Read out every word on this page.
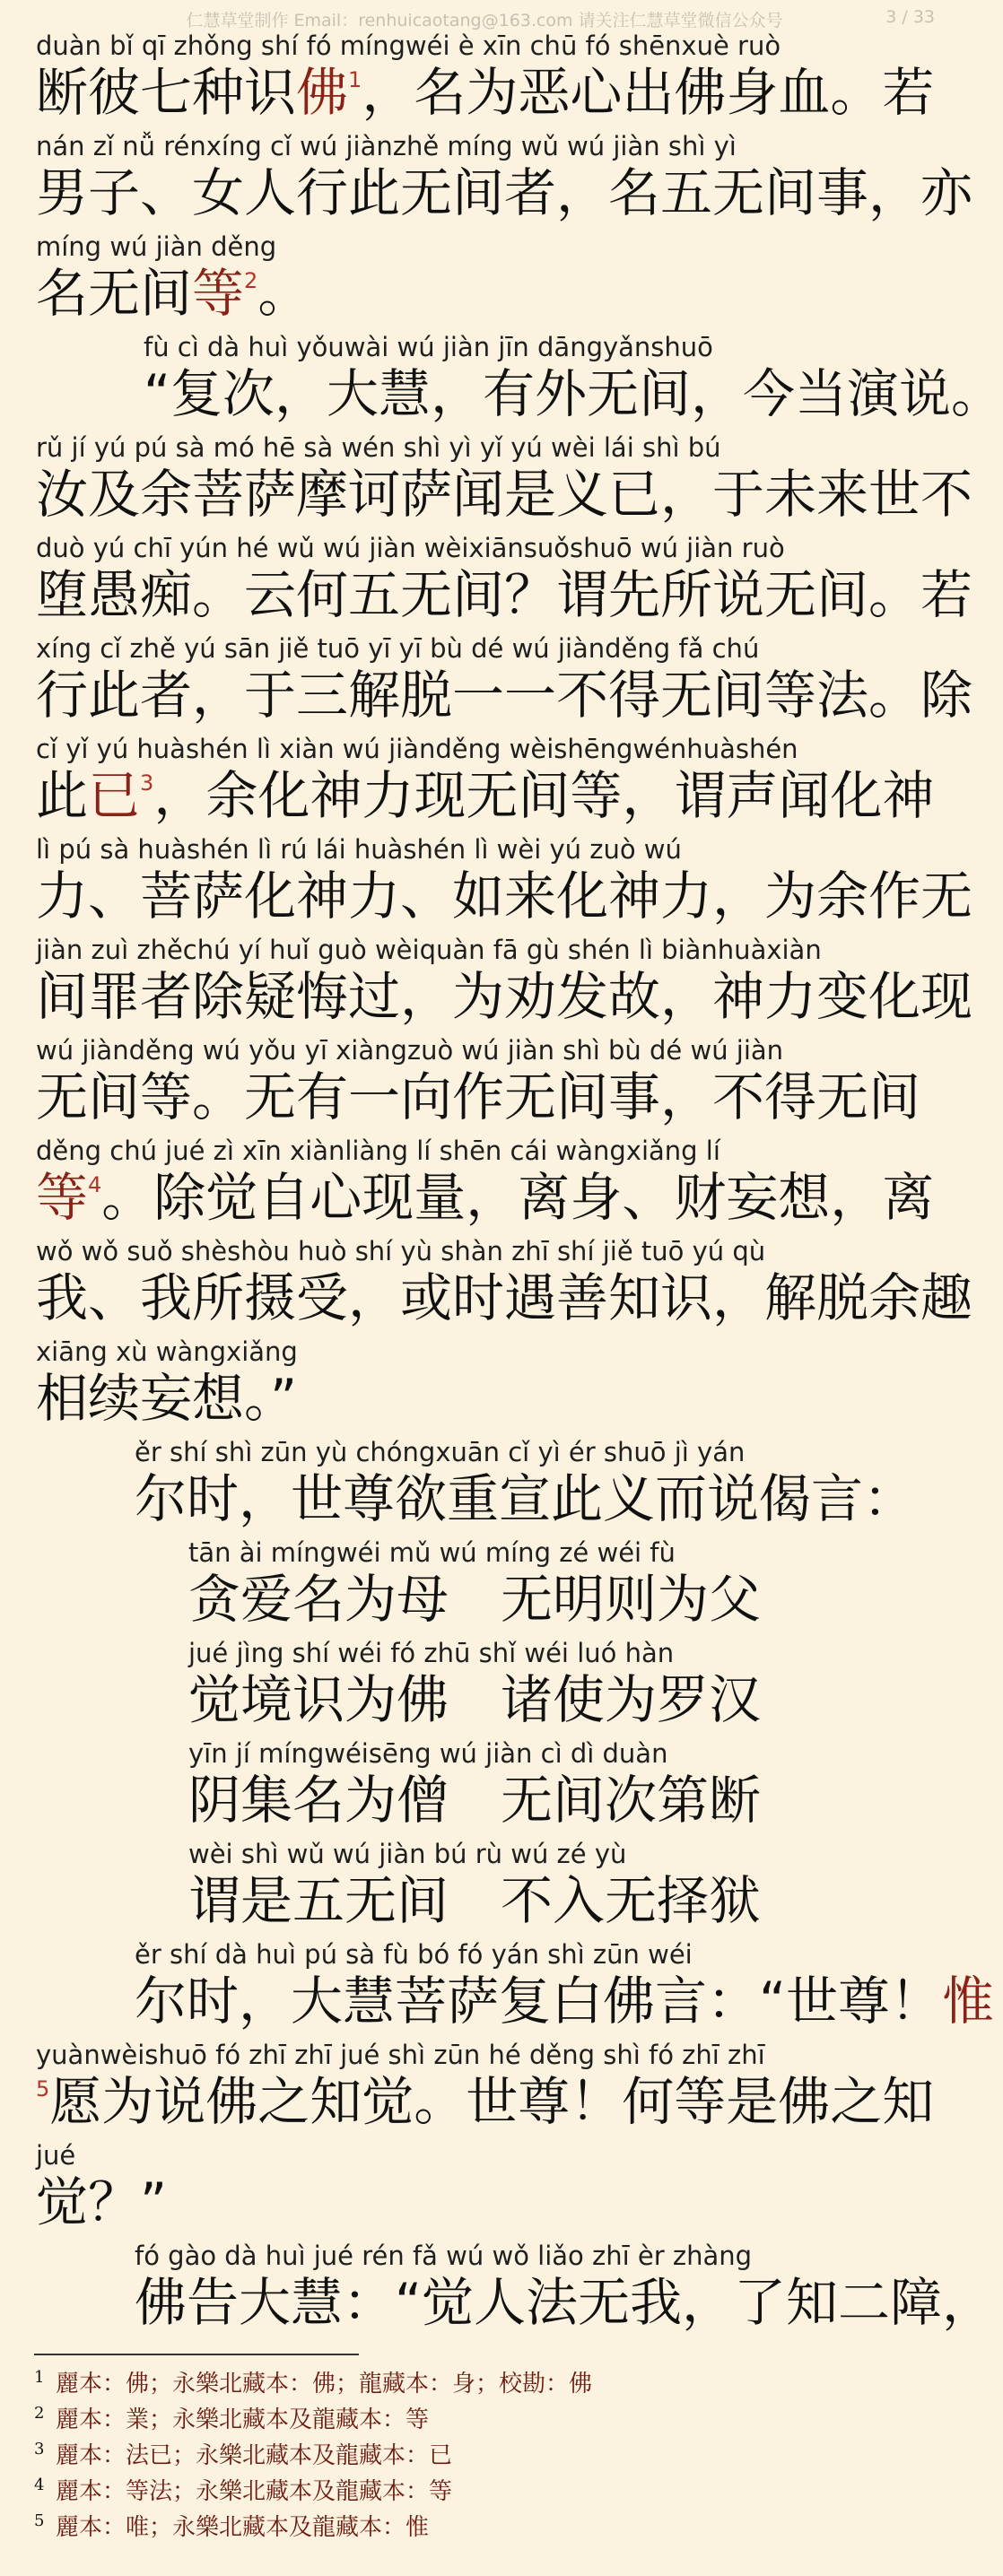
仁慧草堂制作 Email：renhuicaotang@163.com 请关注仁慧草堂微信公众号	3 / 33
duàn bǐ qī zhǒng shí fó míngwéi è xīn chū fó shēnxuè ruò
断彼七种识佛$^1$，名为恶心出佛身血。若
nán zǐ nǚ rénxíng cǐ wú jiànzhě míng wǔ wú jiàn shì yì
男子、女人行此无间者，名五无间事，亦
míng wú jiàn děng
名无间等$^2$。
fù cì dà huì yǒuwài wú jiàn jīn dāngyǎnshuō
“复次，大慧，有外无间，今当演说。
rǔ jí yú pú sà mó hē sà wén shì yì yǐ yú wèi lái shì bú
汝及余菩萨摩诃萨闻是义已，于未来世不
duò yú chī yún hé wǔ wú jiàn wèixiānsuǒshuō wú jiàn ruò
堕愚痴。云何五无间？谓先所说无间。若
xíng cǐ zhě yú sān jiě tuō yī yī bù dé wú jiànděng fǎ chú
行此者，于三解脱一一不得无间等法。除
cǐ yǐ yú huàshén lì xiàn wú jiànděng wèishēngwénhuàshén
此已$^3$，余化神力现无间等，谓声闻化神
lì pú sà huàshén lì rú lái huàshén lì wèi yú zuò wú
力、菩萨化神力、如来化神力，为余作无
jiàn zuì zhěchú yí huǐ guò wèiquàn fā gù shén lì biànhuàxiàn
间罪者除疑悔过，为劝发故，神力变化现
wú jiànděng wú yǒu yī xiàngzuò wú jiàn shì bù dé wú jiàn
无间等。无有一向作无间事，不得无间
děng chú jué zì xīn xiànliàng lí shēn cái wàngxiǎng lí
等$^4$。除觉自心现量，离身、财妄想，离
wǒ wǒ suǒ shèshòu huò shí yù shàn zhī shí jiě tuō yú qù
我、我所摄受，或时遇善知识，解脱余趣
xiāng xù wàngxiǎng
相续妄想。”
ěr shí shì zūn yù chóngxuān cǐ yì ér shuō jì yán
尔时，世尊欲重宣此义而说偈言：
tān ài míngwéi mǔ wú míng zé wéi fù
贪爱名为母　无明则为父
jué jìng shí wéi fó zhū shǐ wéi luó hàn
觉境识为佛　诸使为罗汉
yīn jí míngwéisēng wú jiàn cì dì duàn
阴集名为僧　无间次第断
wèi shì wǔ wú jiàn bú rù wú zé yù
谓是五无间　不入无择狱
ěr shí dà huì pú sà fù bó fó yán shì zūn wéi
尔时，大慧菩萨复白佛言：“世尊！惟
yuànwèishuō fó zhī zhī jué shì zūn hé děng shì fó zhī zhī
$^5$愿为说佛之知觉。世尊！何等是佛之知
jué
觉？”
fó gào dà huì jué rén fǎ wú wǒ liǎo zhī èr zhàng
佛告大慧：“觉人法无我，了知二障，
1 麗本：佛；永樂北藏本：佛；龍藏本：身；校勘：佛
2 麗本：業；永樂北藏本及龍藏本：等
3 麗本：法已；永樂北藏本及龍藏本：已
4 麗本：等法；永樂北藏本及龍藏本：等
5 麗本：唯；永樂北藏本及龍藏本：惟
